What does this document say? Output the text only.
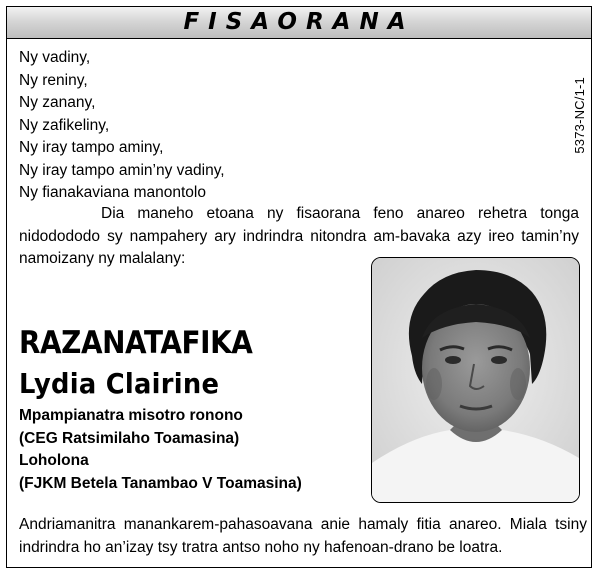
FISAORANA
5373-NC/1-1
Ny vadiny,
Ny reniny,
Ny zanany,
Ny zafikeliny,
Ny iray tampo aminy,
Ny iray tampo amin’ny vadiny,
Ny fianakaviana manontolo

Dia maneho etoana ny fisaorana feno anareo rehetra tonga nidodododo sy nampahery ary indrindra nitondra am-bavaka azy ireo tamin’ny namoizany ny malalany:

RAZANATAFIKA
Lydia Clairine
Mpampianatra misotro ronono
(CEG Ratsimilaho Toamasina)
Loholona
(FJKM Betela Tanambao V Toamasina)

Andriamanitra manankarem-pahasoavana anie hamaly fitia anareo. Miala tsiny indrindra ho an’izay tsy tratra antso noho ny hafenoan-drano be loatra.
